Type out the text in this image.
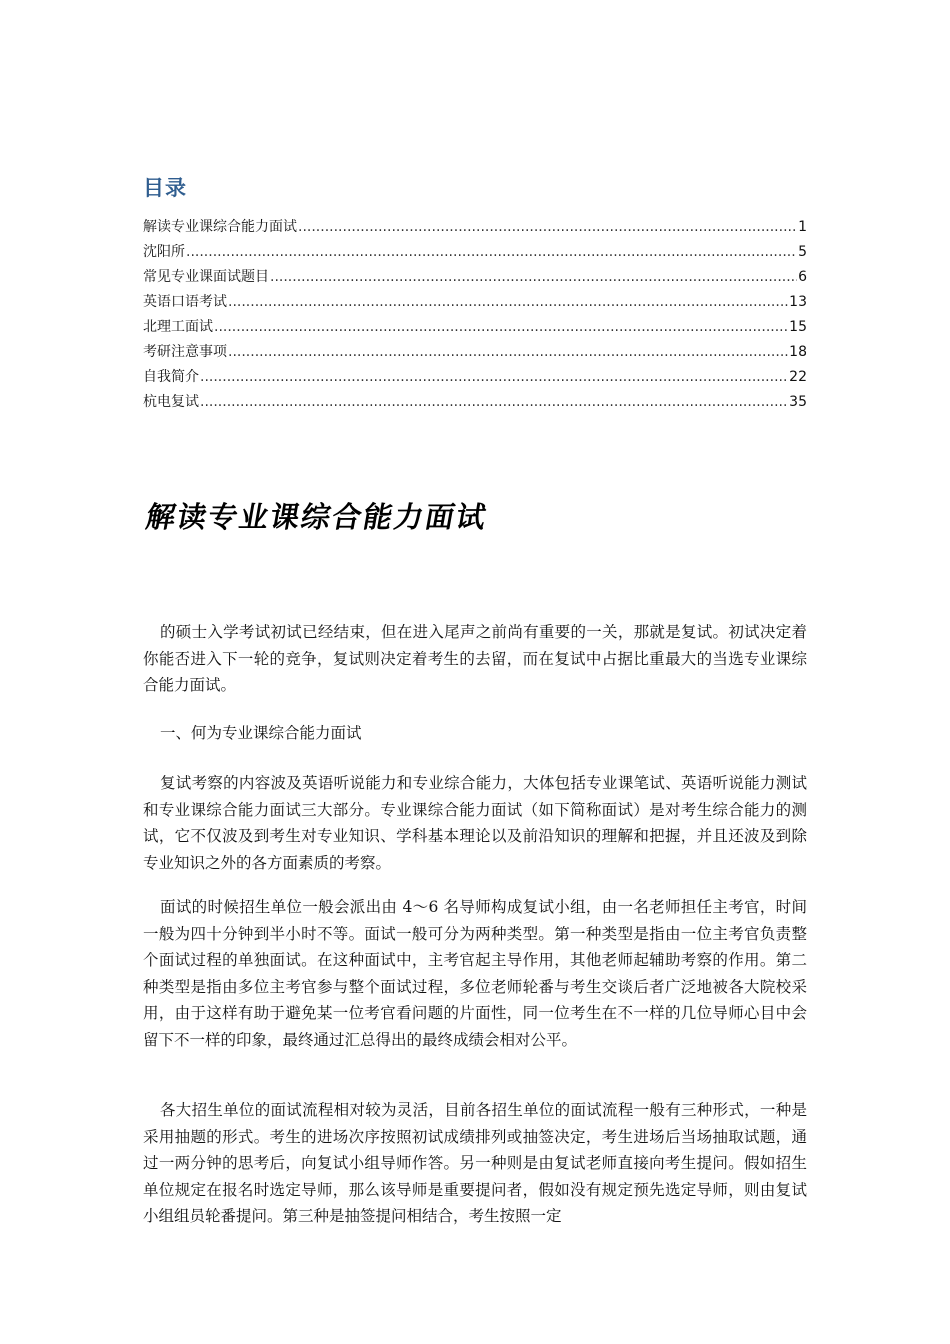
目录
解读专业课综合能力面试 .....	1
沈阳所 .....	5
常见专业课面试题目 .....	6
英语口语考试 .....	13
北理工面试 .....	15
考研注意事项 .....	18
自我简介 .....	22
杭电复试 .....	35
解读专业课综合能力面试

的硕士入学考试初试已经结束，但在进入尾声之前尚有重要的一关，那就是复试。初试决定着你能否进入下一轮的竞争，复试则决定着考生的去留，而在复试中占据比重最大的当选专业课综合能力面试。

一、何为专业课综合能力面试

复试考察的内容波及英语听说能力和专业综合能力，大体包括专业课笔试、英语听说能力测试和专业课综合能力面试三大部分。专业课综合能力面试（如下简称面试）是对考生综合能力的测试，它不仅波及到考生对专业知识、学科基本理论以及前沿知识的理解和把握，并且还波及到除专业知识之外的各方面素质的考察。

面试的时候招生单位一般会派出由 4～6 名导师构成复试小组，由一名老师担任主考官，时间一般为四十分钟到半小时不等。面试一般可分为两种类型。第一种类型是指由一位主考官负责整个面试过程的单独面试。在这种面试中，主考官起主导作用，其他老师起辅助考察的作用。第二种类型是指由多位主考官参与整个面试过程，多位老师轮番与考生交谈后者广泛地被各大院校采用，由于这样有助于避免某一位考官看问题的片面性，同一位考生在不一样的几位导师心目中会留下不一样的印象，最终通过汇总得出的最终成绩会相对公平。

各大招生单位的面试流程相对较为灵活，目前各招生单位的面试流程一般有三种形式，一种是采用抽题的形式。考生的进场次序按照初试成绩排列或抽签决定，考生进场后当场抽取试题，通过一两分钟的思考后，向复试小组导师作答。另一种则是由复试老师直接向考生提问。假如招生单位规定在报名时选定导师，那么该导师是重要提问者，假如没有规定预先选定导师，则由复试小组组员轮番提问。第三种是抽签提问相结合，考生按照一定
